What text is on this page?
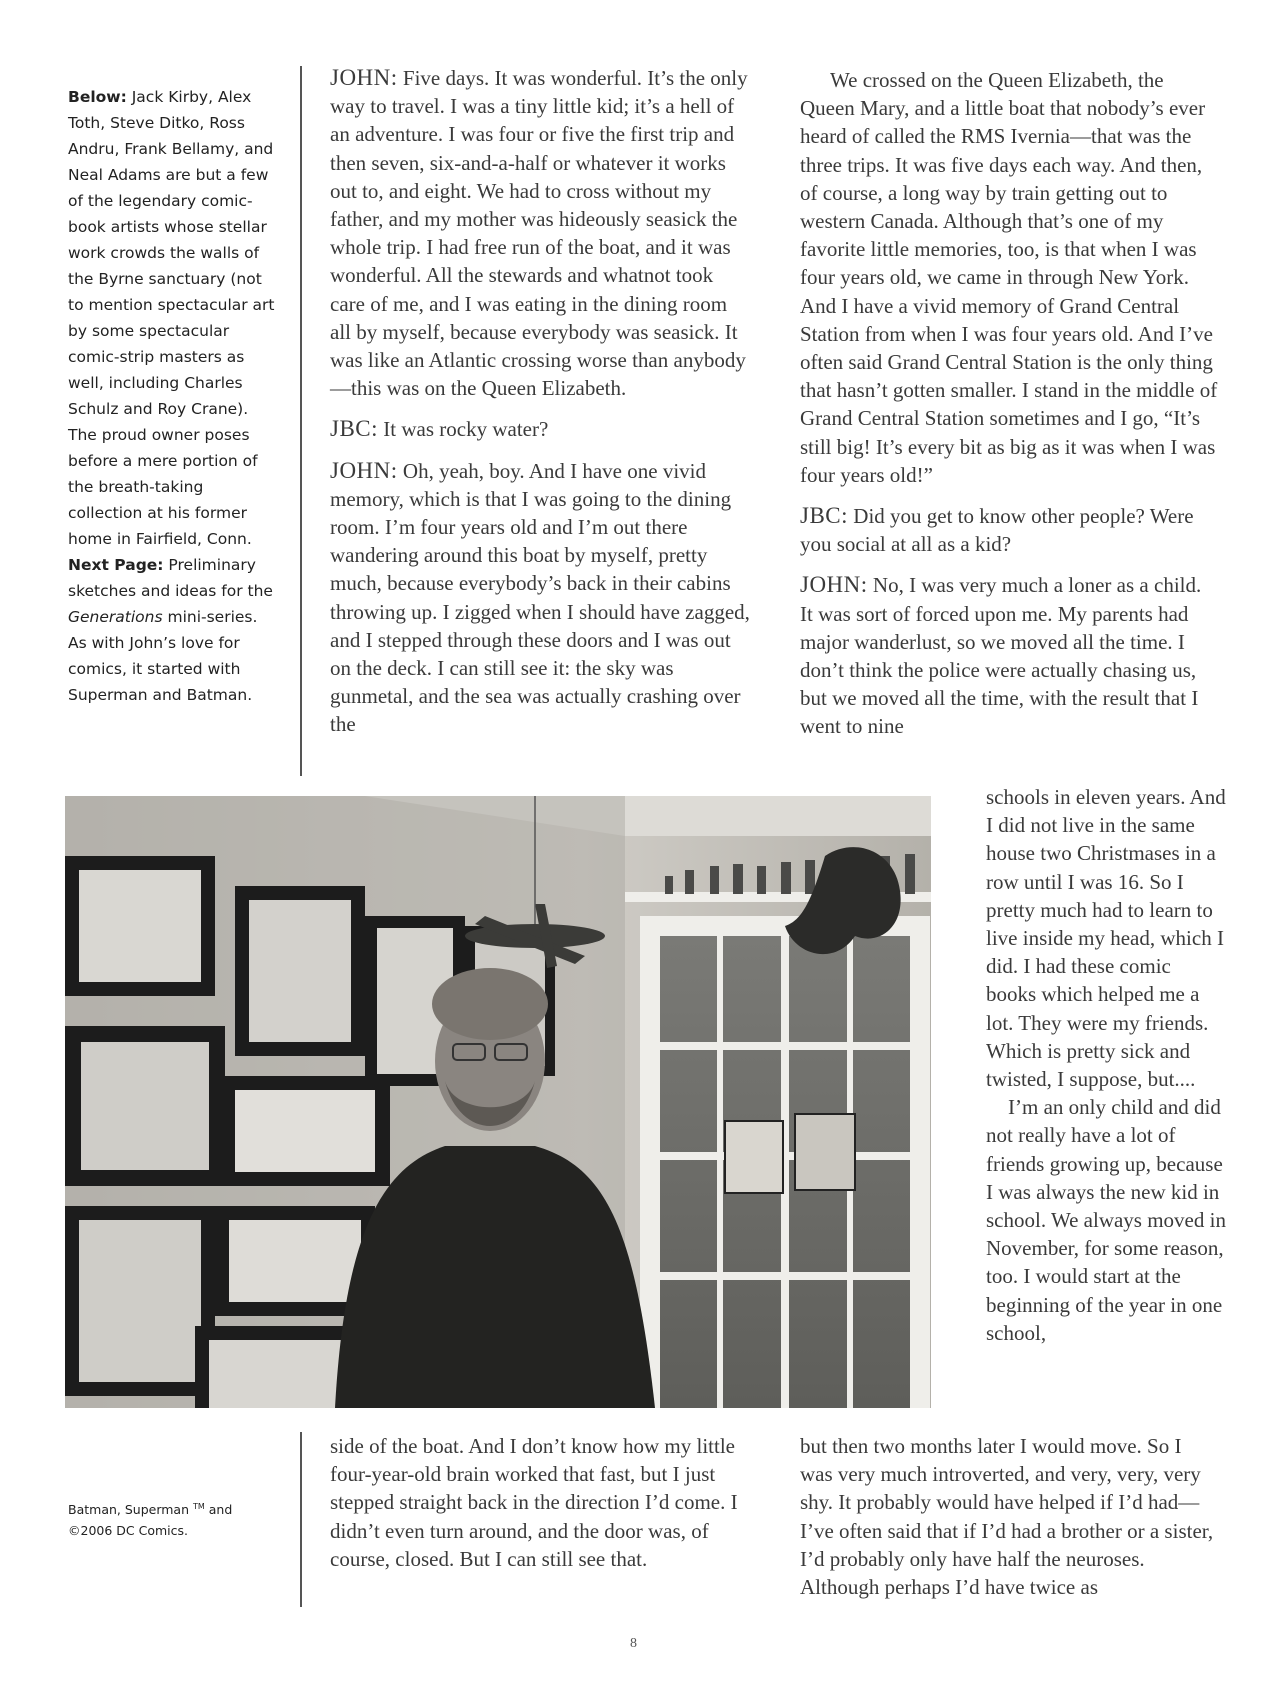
Below: Jack Kirby, Alex Toth, Steve Ditko, Ross Andru, Frank Bellamy, and Neal Adams are but a few of the legendary comic-book artists whose stellar work crowds the walls of the Byrne sanctuary (not to mention spectacular art by some spectacular comic-strip masters as well, including Charles Schulz and Roy Crane). The proud owner poses before a mere portion of the breath-taking collection at his former home in Fairfield, Conn. Next Page: Preliminary sketches and ideas for the Generations mini-series. As with John’s love for comics, it started with Superman and Batman.

JOHN: Five days. It was wonderful. It’s the only way to travel. I was a tiny little kid; it’s a hell of an adventure. I was four or five the first trip and then seven, six-and-a-half or whatever it works out to, and eight. We had to cross without my father, and my mother was hideously seasick the whole trip. I had free run of the boat, and it was wonderful. All the stewards and whatnot took care of me, and I was eating in the dining room all by myself, because everybody was seasick. It was like an Atlantic crossing worse than anybody—this was on the Queen Elizabeth.

JBC: It was rocky water?

JOHN: Oh, yeah, boy. And I have one vivid memory, which is that I was going to the dining room. I’m four years old and I’m out there wandering around this boat by myself, pretty much, because everybody’s back in their cabins throwing up. I zigged when I should have zagged, and I stepped through these doors and I was out on the deck. I can still see it: the sky was gunmetal, and the sea was actually crashing over the

We crossed on the Queen Elizabeth, the Queen Mary, and a little boat that nobody’s ever heard of called the RMS Ivernia—that was the three trips. It was five days each way. And then, of course, a long way by train getting out to western Canada. Although that’s one of my favorite little memories, too, is that when I was four years old, we came in through New York. And I have a vivid memory of Grand Central Station from when I was four years old. And I’ve often said Grand Central Station is the only thing that hasn’t gotten smaller. I stand in the middle of Grand Central Station sometimes and I go, “It’s still big! It’s every bit as big as it was when I was four years old!”

JBC: Did you get to know other people? Were you social at all as a kid?

JOHN: No, I was very much a loner as a child. It was sort of forced upon me. My parents had major wanderlust, so we moved all the time. I don’t think the police were actually chasing us, but we moved all the time, with the result that I went to nine

schools in eleven years. And I did not live in the same house two Christmases in a row until I was 16. So I pretty much had to learn to live inside my head, which I did. I had these comic books which helped me a lot. They were my friends. Which is pretty sick and twisted, I suppose, but....

I’m an only child and did not really have a lot of friends growing up, because I was always the new kid in school. We always moved in November, for some reason, too. I would start at the beginning of the year in one school,

side of the boat. And I don’t know how my little four-year-old brain worked that fast, but I just stepped straight back in the direction I’d come. I didn’t even turn around, and the door was, of course, closed. But I can still see that.

but then two months later I would move. So I was very much introverted, and very, very, very shy. It probably would have helped if I’d had—I’ve often said that if I’d had a brother or a sister, I’d probably only have half the neuroses. Although perhaps I’d have twice as

Batman, Superman ™ and
©2006 DC Comics.
8
